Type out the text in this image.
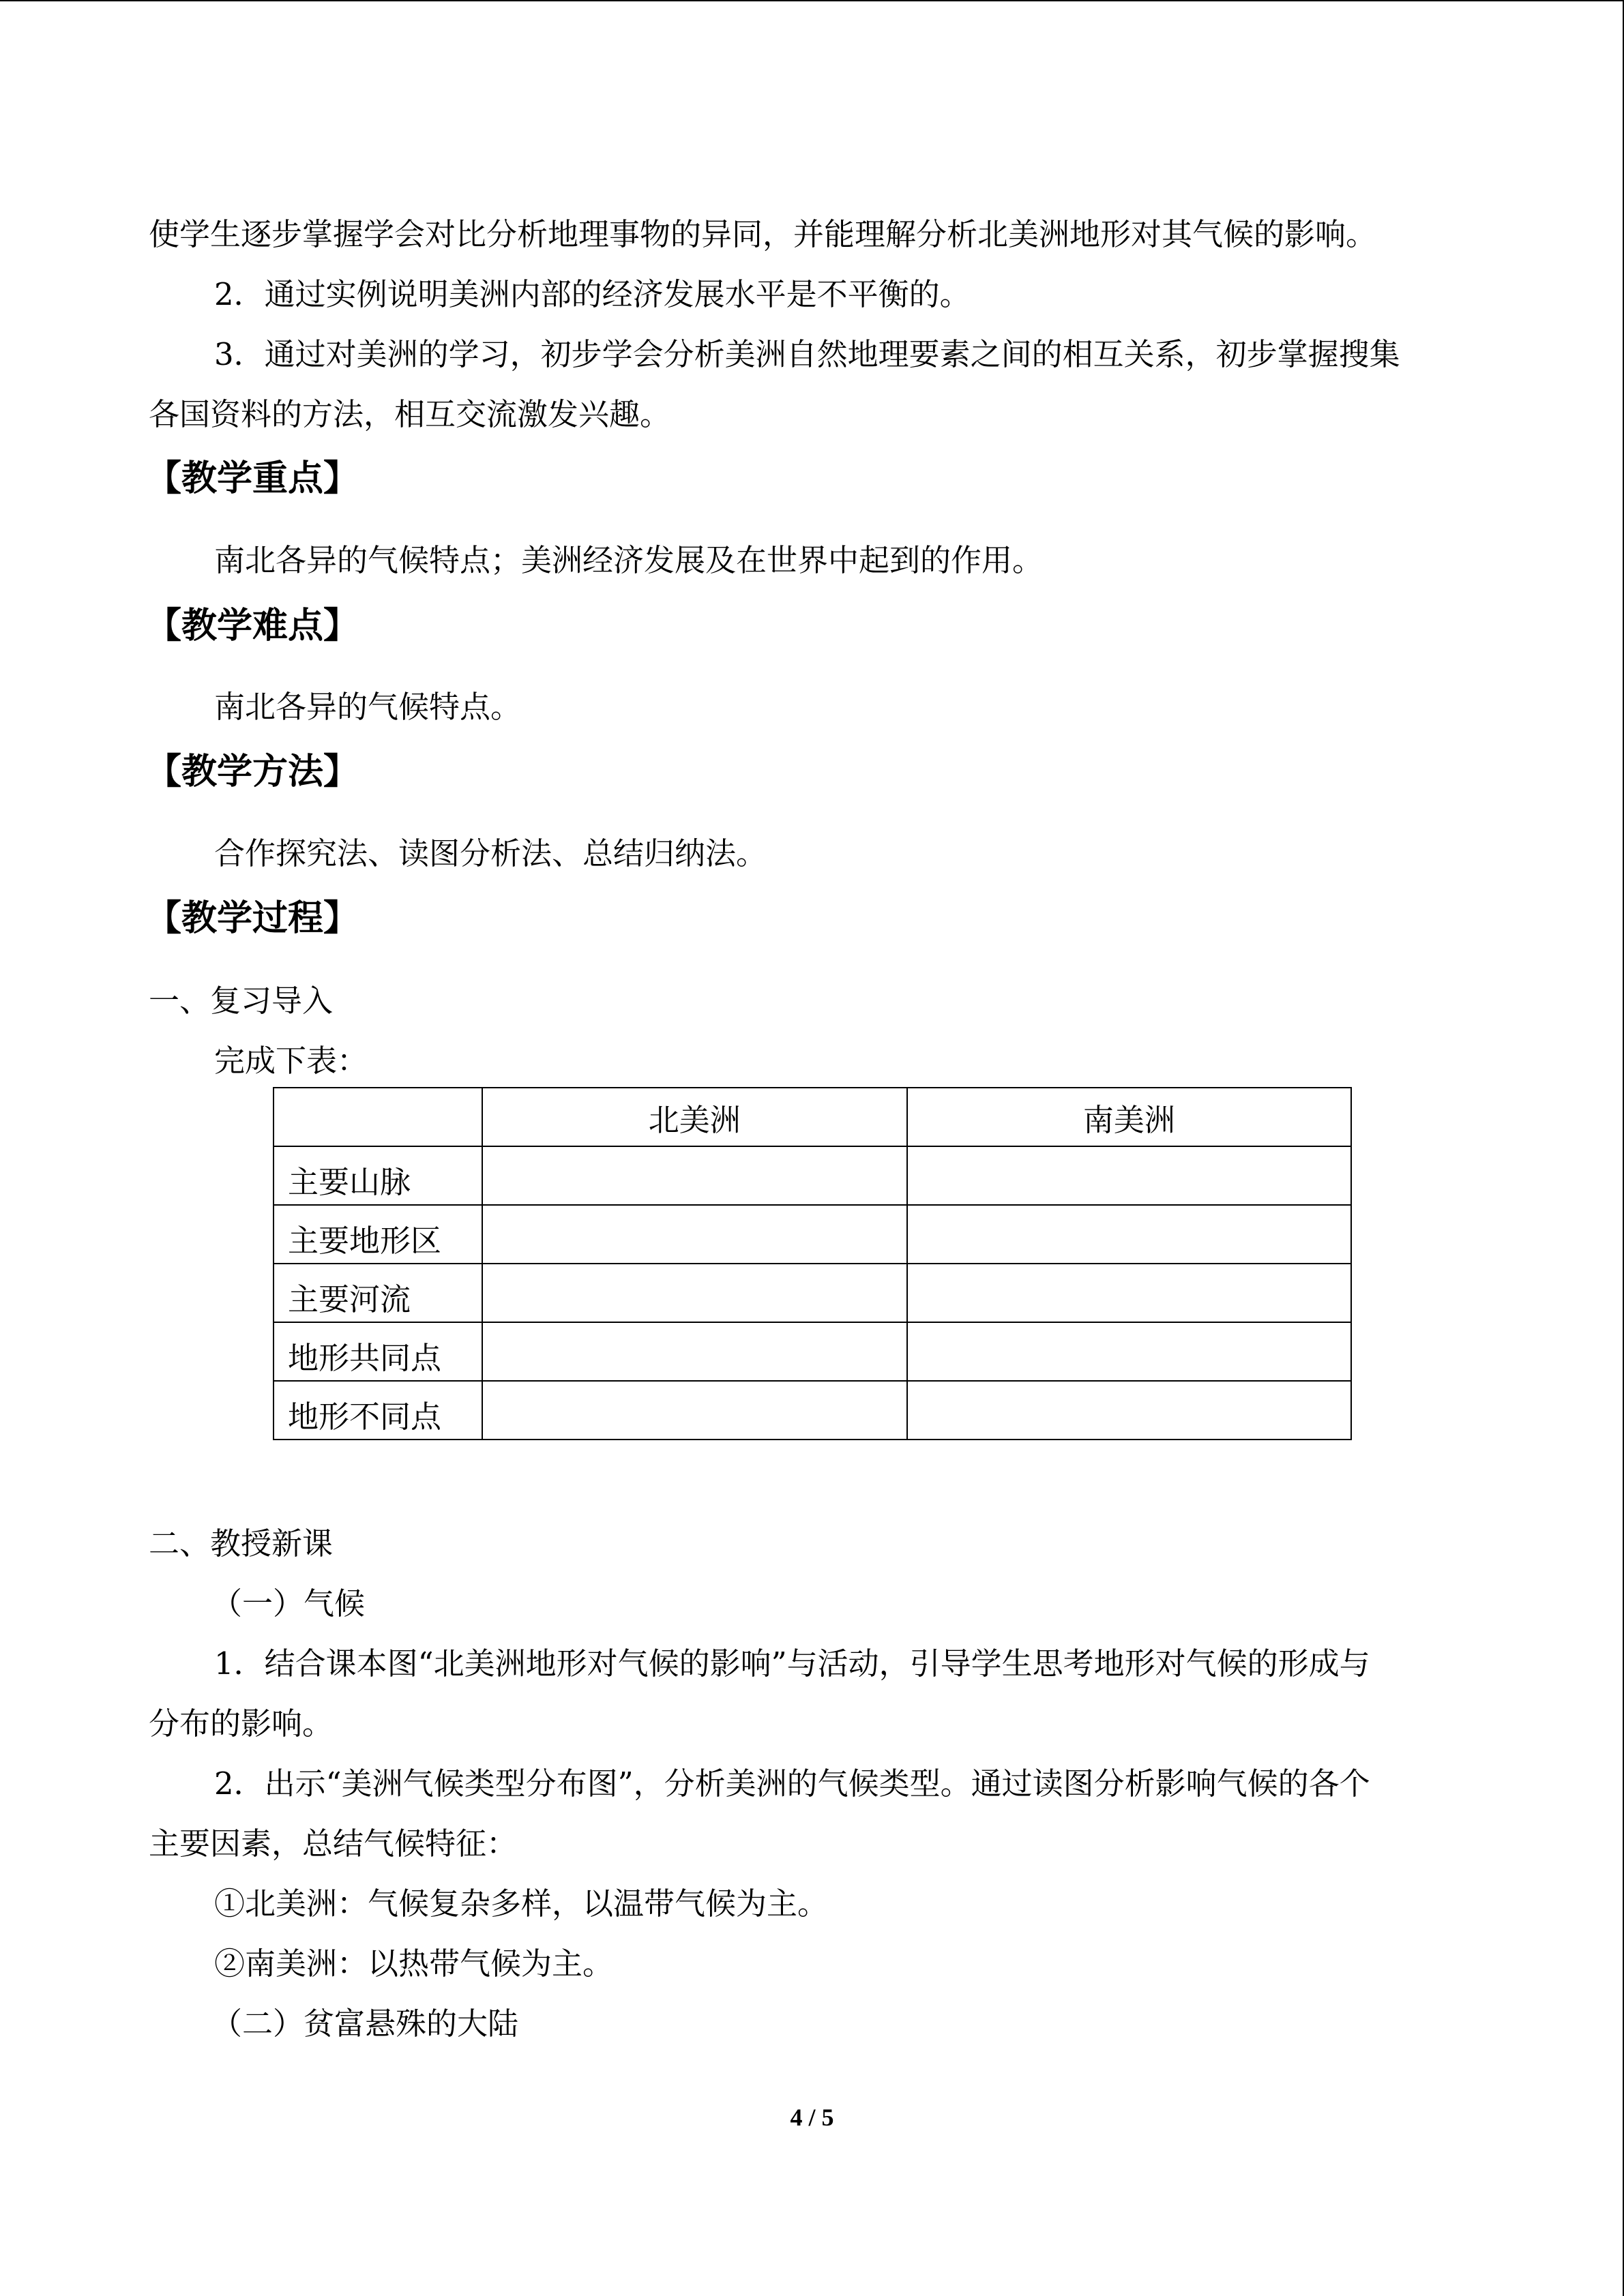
使学生逐步掌握学会对比分析地理事物的异同，并能理解分析北美洲地形对其气候的影响。
2．通过实例说明美洲内部的经济发展水平是不平衡的。
3．通过对美洲的学习，初步学会分析美洲自然地理要素之间的相互关系，初步掌握搜集
各国资料的方法，相互交流激发兴趣。
【教学重点】
南北各异的气候特点；美洲经济发展及在世界中起到的作用。
【教学难点】
南北各异的气候特点。
【教学方法】
合作探究法、读图分析法、总结归纳法。
【教学过程】
一、复习导入
完成下表：
	北美洲	南美洲
主要山脉		
主要地形区		
主要河流		
地形共同点		
地形不同点		
二、教授新课
（一）气候
1．结合课本图“北美洲地形对气候的影响”与活动，引导学生思考地形对气候的形成与
分布的影响。
2．出示“美洲气候类型分布图”，分析美洲的气候类型。通过读图分析影响气候的各个
主要因素，总结气候特征：
①北美洲：气候复杂多样，以温带气候为主。
②南美洲：以热带气候为主。
（二）贫富悬殊的大陆
4 / 5
